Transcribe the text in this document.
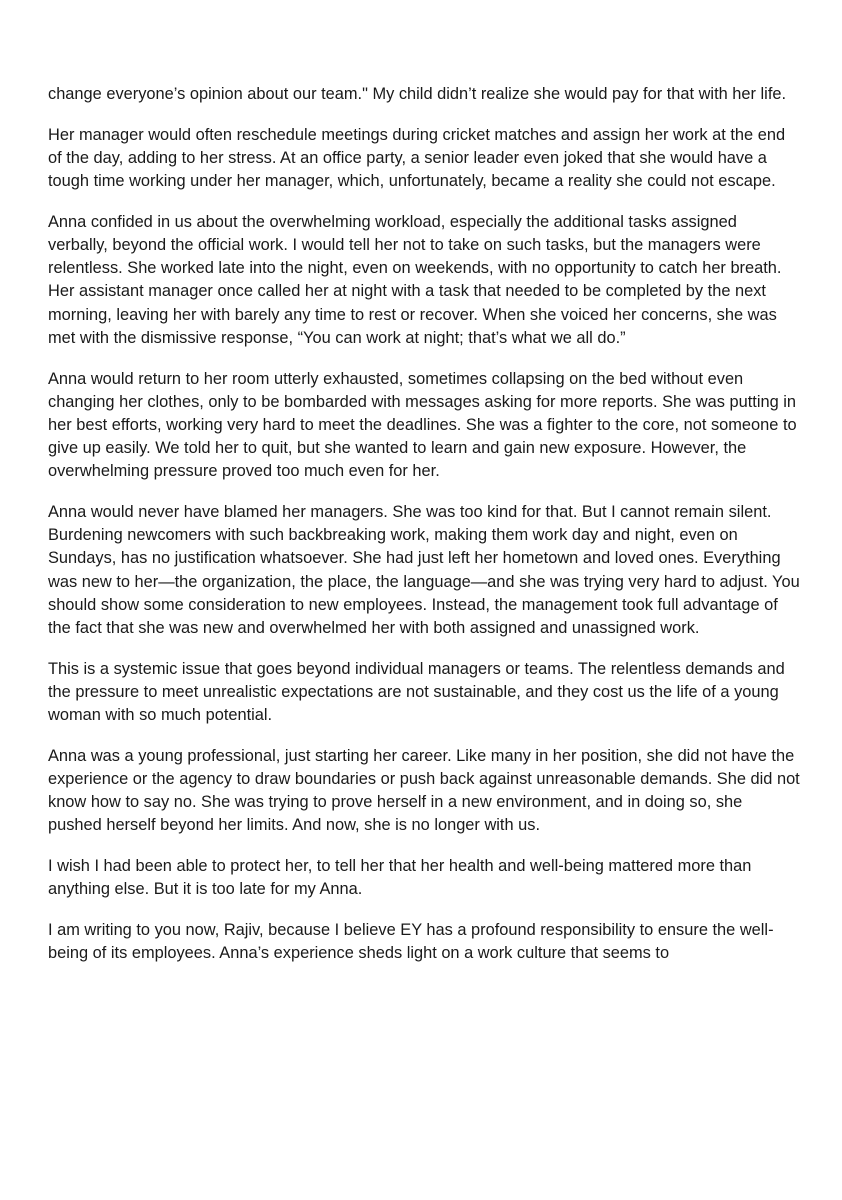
change everyone’s opinion about our team." My child didn’t realize she would pay for that with her life.

Her manager would often reschedule meetings during cricket matches and assign her work at the end of the day, adding to her stress. At an office party, a senior leader even joked that she would have a tough time working under her manager, which, unfortunately, became a reality she could not escape.

Anna confided in us about the overwhelming workload, especially the additional tasks assigned verbally, beyond the official work. I would tell her not to take on such tasks, but the managers were relentless. She worked late into the night, even on weekends, with no opportunity to catch her breath. Her assistant manager once called her at night with a task that needed to be completed by the next morning, leaving her with barely any time to rest or recover. When she voiced her concerns, she was met with the dismissive response, “You can work at night; that’s what we all do.”

Anna would return to her room utterly exhausted, sometimes collapsing on the bed without even changing her clothes, only to be bombarded with messages asking for more reports. She was putting in her best efforts, working very hard to meet the deadlines. She was a fighter to the core, not someone to give up easily. We told her to quit, but she wanted to learn and gain new exposure. However, the overwhelming pressure proved too much even for her.

Anna would never have blamed her managers. She was too kind for that. But I cannot remain silent. Burdening newcomers with such backbreaking work, making them work day and night, even on Sundays, has no justification whatsoever. She had just left her hometown and loved ones. Everything was new to her—the organization, the place, the language—and she was trying very hard to adjust. You should show some consideration to new employees. Instead, the management took full advantage of the fact that she was new and overwhelmed her with both assigned and unassigned work.

This is a systemic issue that goes beyond individual managers or teams. The relentless demands and the pressure to meet unrealistic expectations are not sustainable, and they cost us the life of a young woman with so much potential.

Anna was a young professional, just starting her career. Like many in her position, she did not have the experience or the agency to draw boundaries or push back against unreasonable demands. She did not know how to say no. She was trying to prove herself in a new environment, and in doing so, she pushed herself beyond her limits. And now, she is no longer with us.

I wish I had been able to protect her, to tell her that her health and well-being mattered more than anything else. But it is too late for my Anna.

I am writing to you now, Rajiv, because I believe EY has a profound responsibility to ensure the well-being of its employees. Anna’s experience sheds light on a work culture that seems to
